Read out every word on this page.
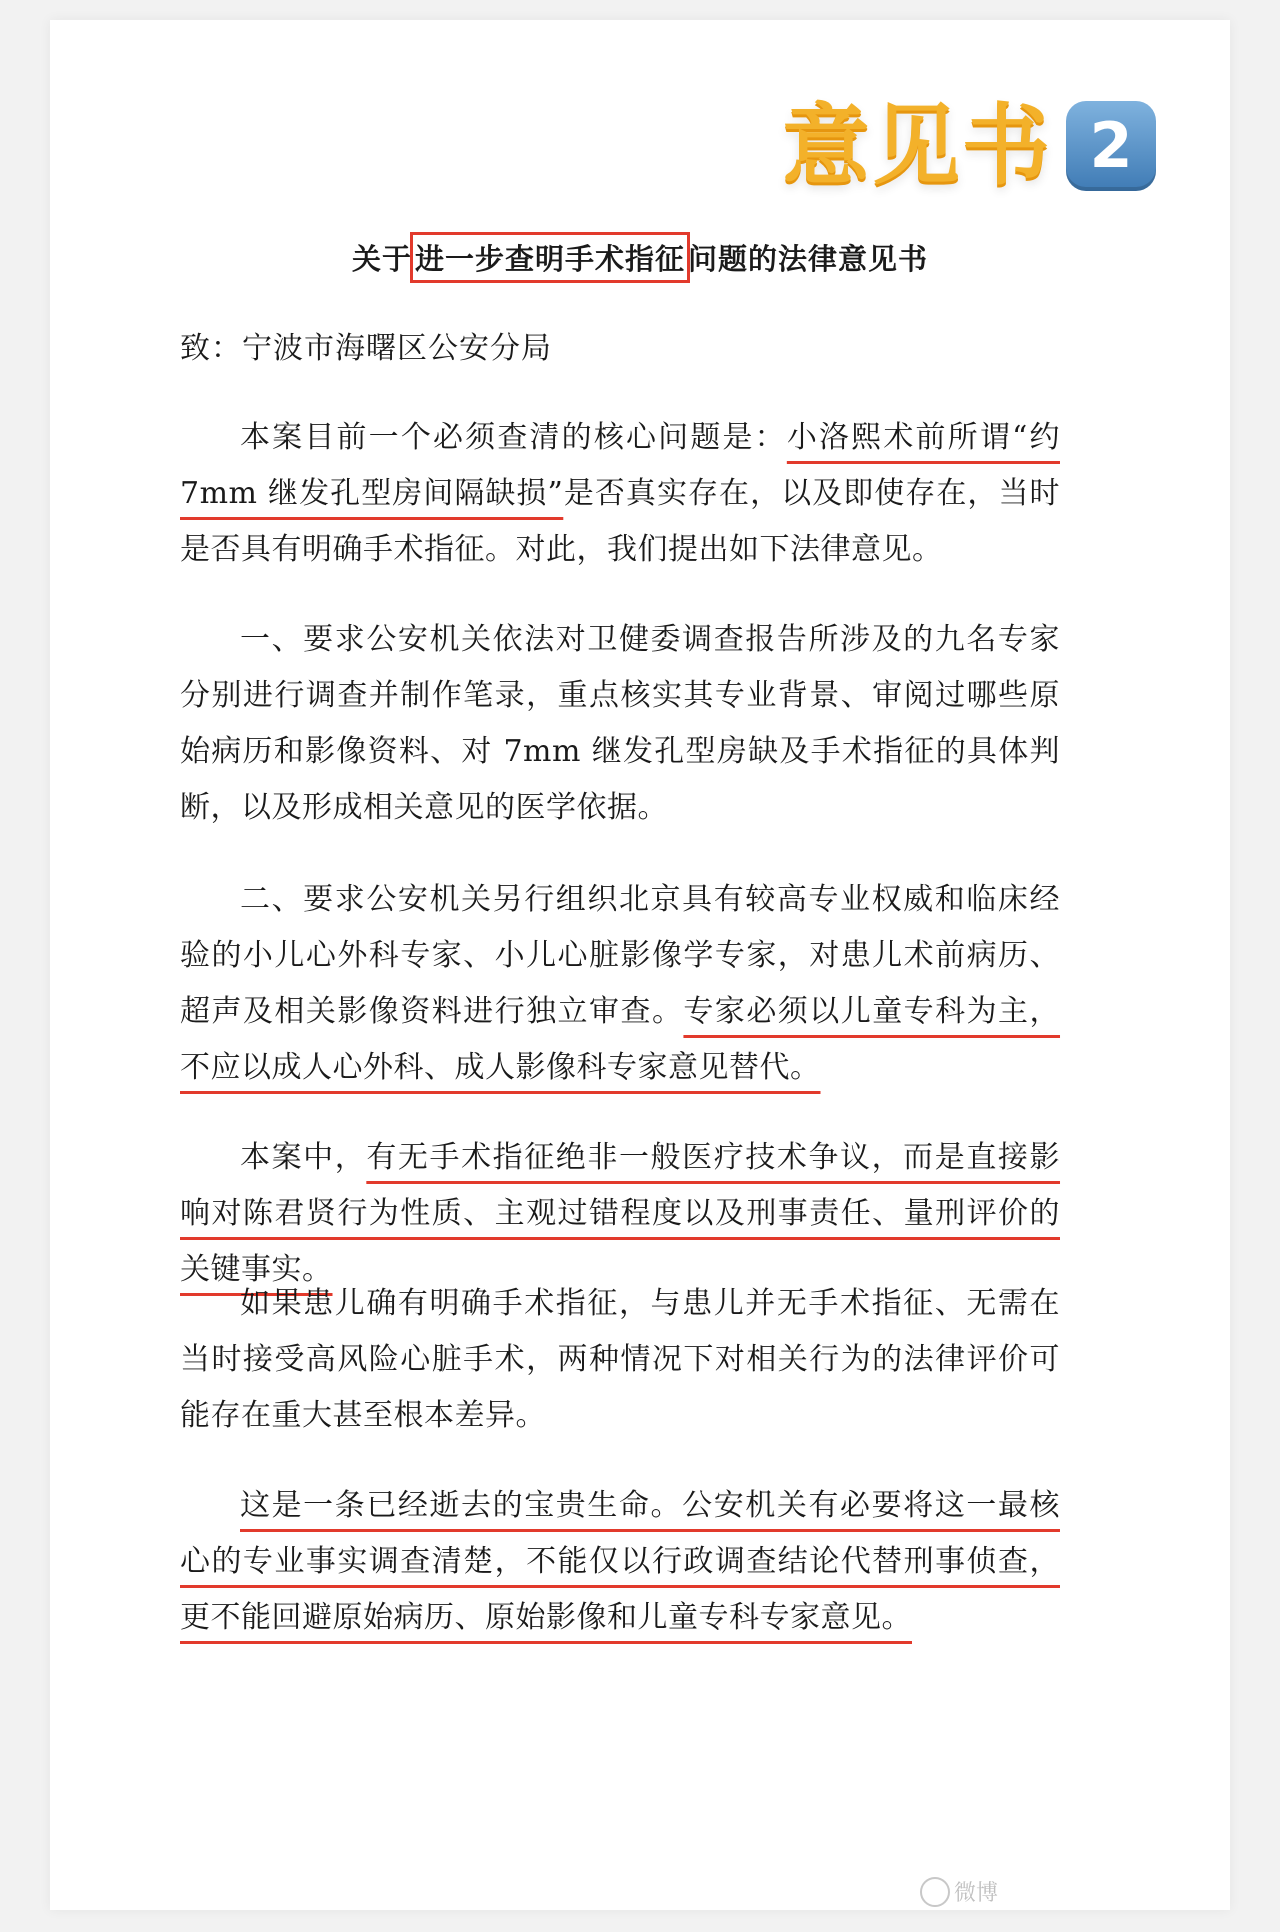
意见书 2
关于 进一步查明手术指征 问题的法律意见书

致：宁波市海曙区公安分局

本案目前一个必须查清的核心问题是：小洛熙术前所谓“约 7mm 继发孔型房间隔缺损”是否真实存在，以及即使存在，当时是否具有明确手术指征。对此，我们提出如下法律意见。

一、要求公安机关依法对卫健委调查报告所涉及的九名专家分别进行调查并制作笔录，重点核实其专业背景、审阅过哪些原始病历和影像资料、对 7mm 继发孔型房缺及手术指征的具体判断，以及形成相关意见的医学依据。

二、要求公安机关另行组织北京具有较高专业权威和临床经验的小儿心外科专家、小儿心脏影像学专家，对患儿术前病历、超声及相关影像资料进行独立审查。专家必须以儿童专科为主，不应以成人心外科、成人影像科专家意见替代。

本案中，有无手术指征绝非一般医疗技术争议，而是直接影响对陈君贤行为性质、主观过错程度以及刑事责任、量刑评价的关键事实。

如果患儿确有明确手术指征，与患儿并无手术指征、无需在当时接受高风险心脏手术，两种情况下对相关行为的法律评价可能存在重大甚至根本差异。

这是一条已经逝去的宝贵生命。公安机关有必要将这一最核心的专业事实调查清楚，不能仅以行政调查结论代替刑事侦查，更不能回避原始病历、原始影像和儿童专科专家意见。

微博
